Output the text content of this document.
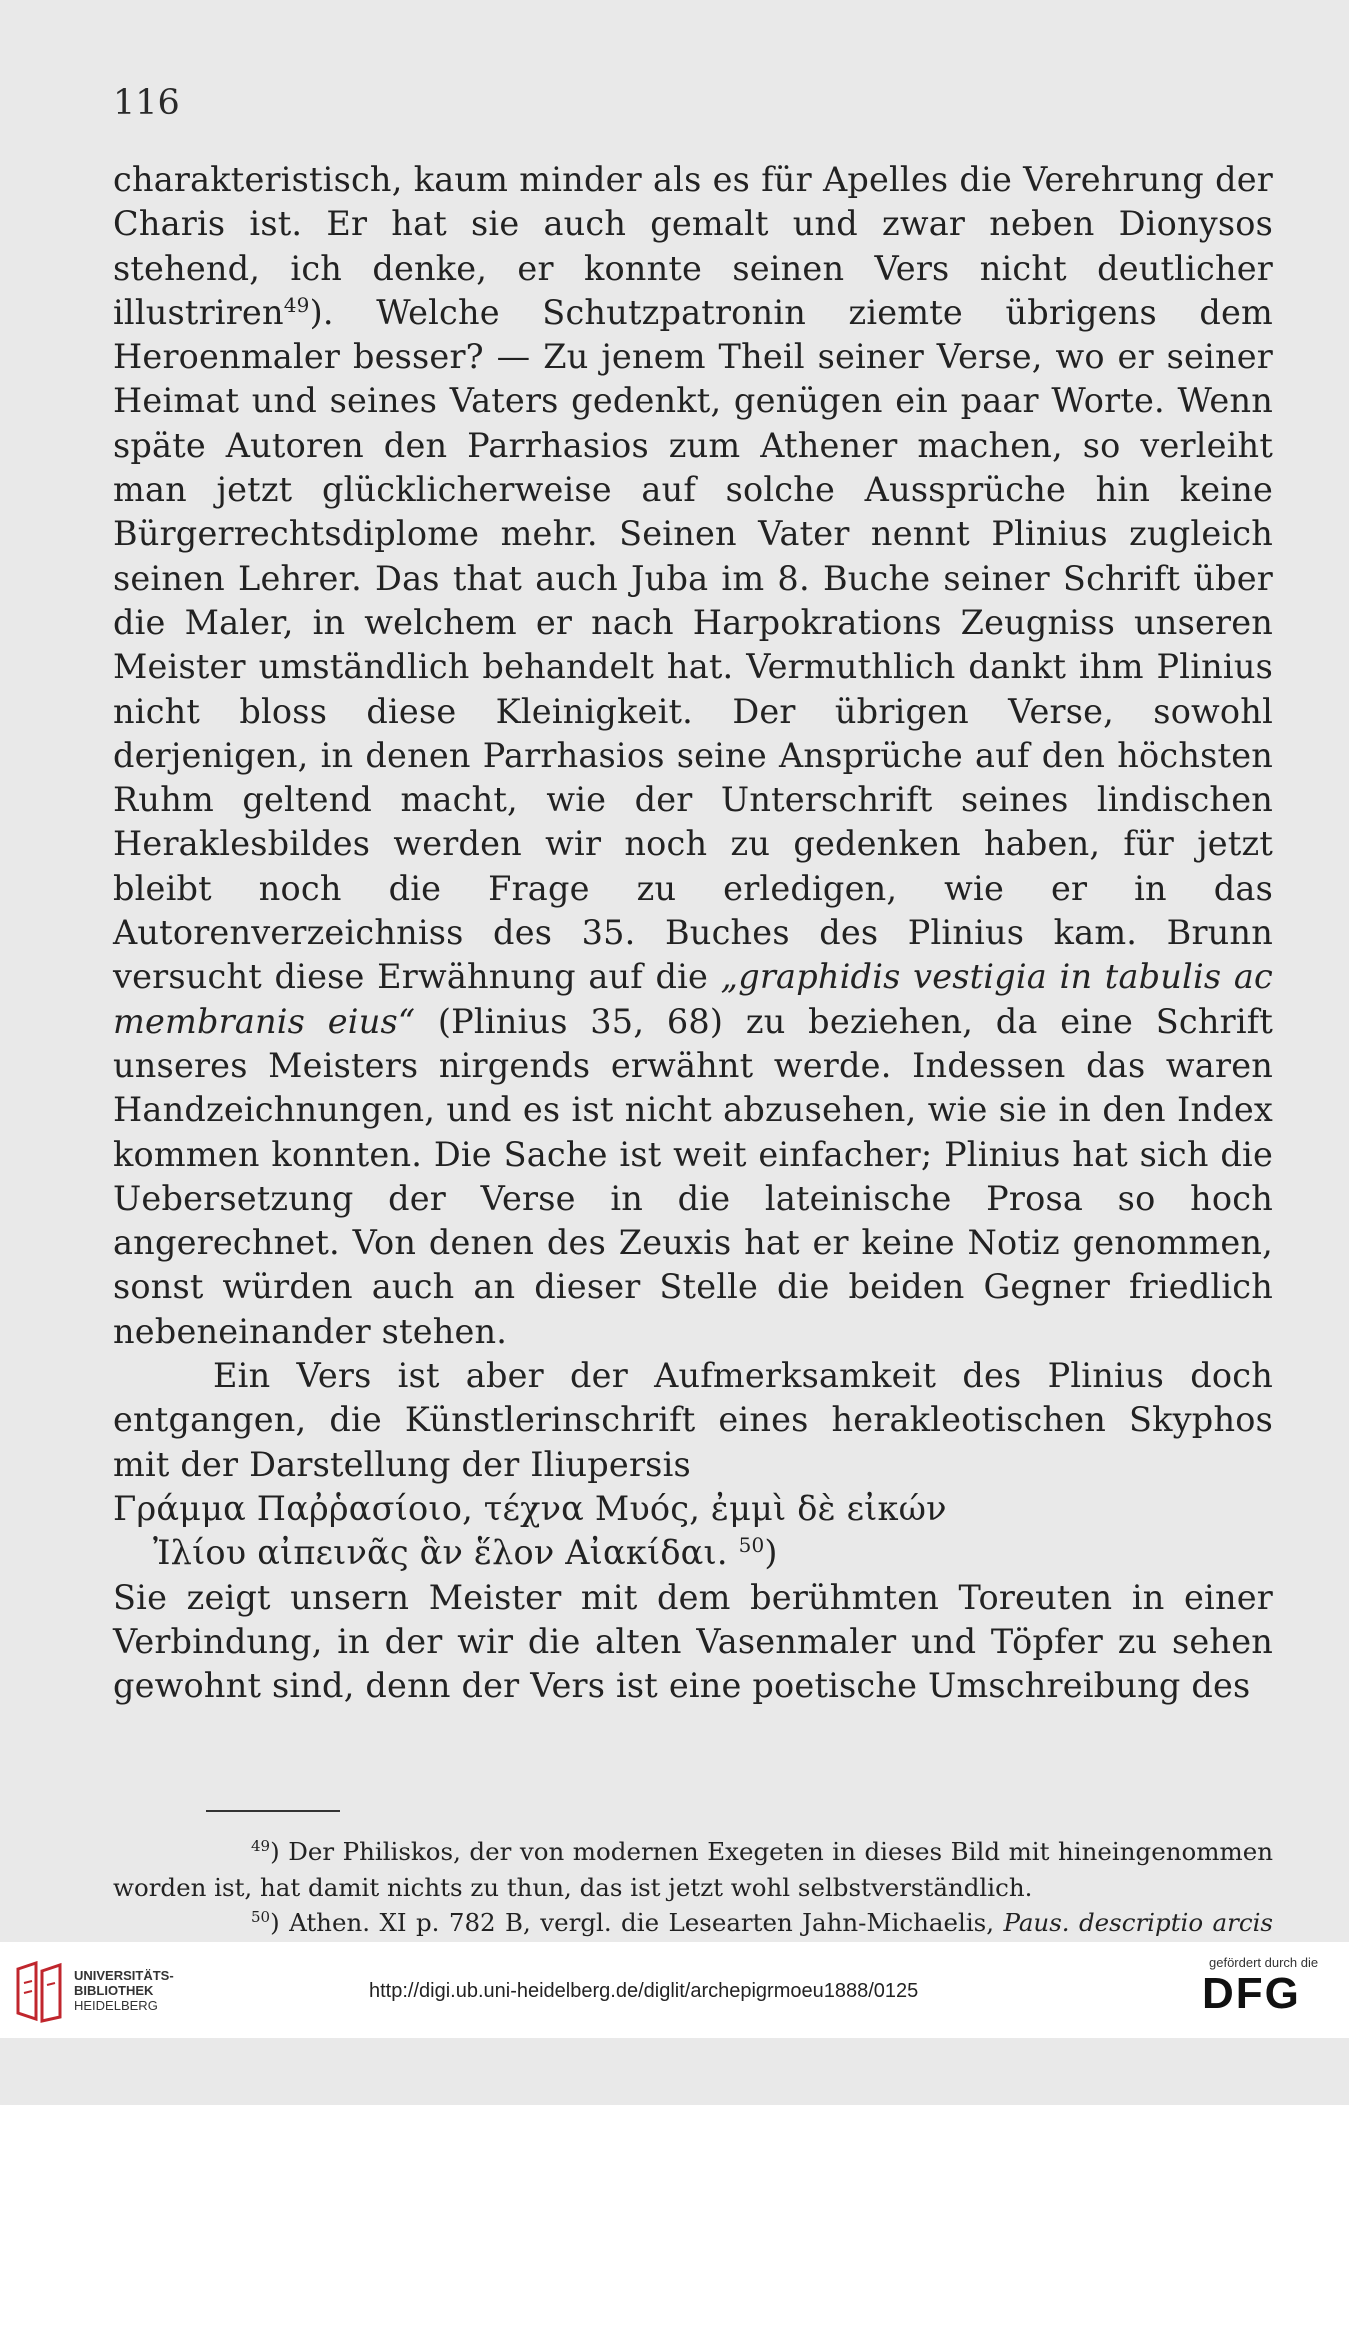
116

charakteristisch, kaum minder als es für Apelles die Verehrung der Charis ist. Er hat sie auch gemalt und zwar neben Dionysos stehend, ich denke, er konnte seinen Vers nicht deutlicher illustriren$^{49}$). Welche Schutzpatronin ziemte übrigens dem Heroenmaler besser? — Zu jenem Theil seiner Verse, wo er seiner Heimat und seines Vaters gedenkt, genügen ein paar Worte. Wenn späte Autoren den Parrhasios zum Athener machen, so verleiht man jetzt glücklicherweise auf solche Aussprüche hin keine Bürgerrechtsdiplome mehr. Seinen Vater nennt Plinius zugleich seinen Lehrer. Das that auch Juba im 8. Buche seiner Schrift über die Maler, in welchem er nach Harpokrations Zeugniss unseren Meister umständlich behandelt hat. Vermuthlich dankt ihm Plinius nicht bloss diese Kleinigkeit. Der übrigen Verse, sowohl derjenigen, in denen Parrhasios seine Ansprüche auf den höchsten Ruhm geltend macht, wie der Unterschrift seines lindischen Heraklesbildes werden wir noch zu gedenken haben, für jetzt bleibt noch die Frage zu erledigen, wie er in das Autorenverzeichniss des 35. Buches des Plinius kam. Brunn versucht diese Erwähnung auf die „graphidis vestigia in tabulis ac membranis eius“ (Plinius 35, 68) zu beziehen, da eine Schrift unseres Meisters nirgends erwähnt werde. Indessen das waren Handzeichnungen, und es ist nicht abzusehen, wie sie in den Index kommen konnten. Die Sache ist weit einfacher; Plinius hat sich die Uebersetzung der Verse in die lateinische Prosa so hoch angerechnet. Von denen des Zeuxis hat er keine Notiz genommen, sonst würden auch an dieser Stelle die beiden Gegner friedlich nebeneinander stehen.

Ein Vers ist aber der Aufmerksamkeit des Plinius doch entgangen, die Künstlerinschrift eines herakleotischen Skyphos mit der Darstellung der Iliupersis

Γράμμα Παῤῥασίοιο, τέχνα Μυός, ἐμμὶ δὲ εἰκών

Ἰλίου αἰπεινᾶς ἃν ἕλον Αἰακίδαι. $^{50}$)

Sie zeigt unsern Meister mit dem berühmten Toreuten in einer Verbindung, in der wir die alten Vasenmaler und Töpfer zu sehen gewohnt sind, denn der Vers ist eine poetische Umschreibung des

$^{49}$) Der Philiskos, der von modernen Exegeten in dieses Bild mit hineingenommen worden ist, hat damit nichts zu thun, das ist jetzt wohl selbstverständlich.

$^{50}$) Athen. XI p. 782 B, vergl. die Lesearten Jahn-Michaelis, Paus. descriptio arcis

UNIVERSITÄTS-
BIBLIOTHEK
HEIDELBERG
http://digi.ub.uni-heidelberg.de/diglit/archepigrmoeu1888/0125
gefördert durch die
DFG
